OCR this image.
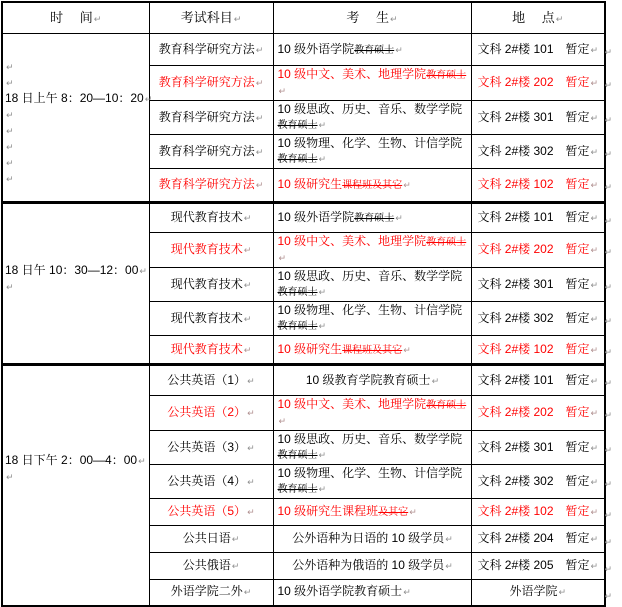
时　 间↵	考试科目↵	考　 生↵	地　 点↵

↵
↵
18 日上午 8：20—10：20↵
↵
↵
↵
↵
↵
	教育科学研究方法↵	10 级外语学院教育硕士↵	文科 2#楼 101　暂定↵ ↵

	教育科学研究方法↵	10 级中文、美术、地理学院教育硕士↵	文科 2#楼 202　暂定↵ ↵

	教育科学研究方法↵	10 级思政、历史、音乐、数学学院教育硕士↵	文科 2#楼 301　暂定↵ ↵

	教育科学研究方法↵	10 级物理、化学、生物、计信学院教育硕士↵	文科 2#楼 302　暂定↵ ↵

	教育科学研究方法↵	10 级研究生课程班及其它↵	文科 2#楼 102　暂定↵ ↵

18 日午 10：30—12：00↵
↵
	现代教育技术↵	10 级外语学院教育硕士↵	文科 2#楼 101　暂定↵ ↵

	现代教育技术↵	10 级中文、美术、地理学院教育硕士↵	文科 2#楼 202　暂定↵ ↵

	现代教育技术↵	10 级思政、历史、音乐、数学学院教育硕士↵	文科 2#楼 301　暂定↵ ↵

	现代教育技术↵	10 级物理、化学、生物、计信学院教育硕士↵	文科 2#楼 302　暂定↵ ↵

	现代教育技术↵	10 级研究生课程班及其它↵	文科 2#楼 102　暂定↵ ↵

18 日下午 2：00—4：00↵
↵
	公共英语（1）↵	10 级教育学院教育硕士↵	文科 2#楼 101　暂定↵ ↵

	公共英语（2）↵	10 级中文、美术、地理学院教育硕士↵	文科 2#楼 202　暂定↵ ↵

	公共英语（3）↵	10 级思政、历史、音乐、数学学院教育硕士↵	文科 2#楼 301　暂定↵ ↵

	公共英语（4）↵	10 级物理、化学、生物、计信学院教育硕士↵	文科 2#楼 302　暂定↵ ↵

	公共英语（5）↵	10 级研究生课程班及其它↵	文科 2#楼 102　暂定↵ ↵

	公共日语↵	公外语种为日语的 10 级学员↵	文科 2#楼 204　暂定↵ ↵

	公共俄语↵	公外语种为俄语的 10 级学员↵	文科 2#楼 205　暂定↵ ↵

	外语学院二外↵	10 级外语学院教育硕士↵	外语学院↵ ↵
